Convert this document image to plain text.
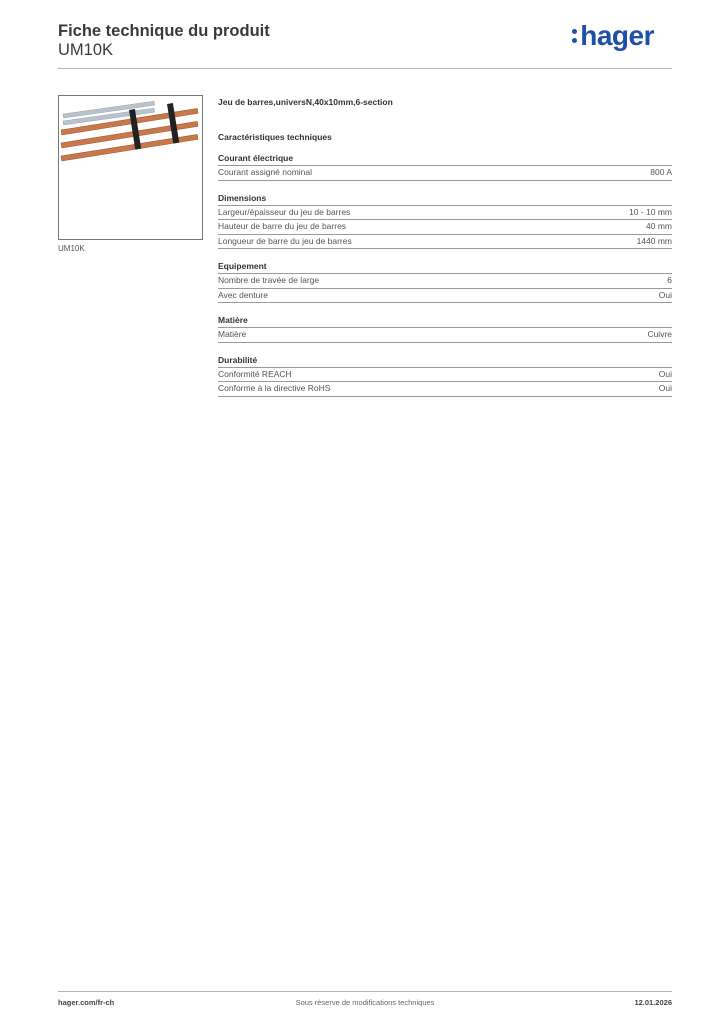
Fiche technique du produit
UM10K	hager
UM10K
Jeu de barres,universN,40x10mm,6-section
Caractéristiques techniques
Courant électrique
Courant assigné nominal	800 A
Dimensions
Largeur/épaisseur du jeu de barres	10 - 10 mm
Hauteur de barre du jeu de barres	40 mm
Longueur de barre du jeu de barres	1440 mm
Equipement
Nombre de travée de large	6
Avec denture	Oui
Matière
Matière	Cuivre
Durabilité
Conformité REACH	Oui
Conforme à la directive RoHS	Oui
hager.com/fr-ch	Sous réserve de modifications techniques	12.01.2026
